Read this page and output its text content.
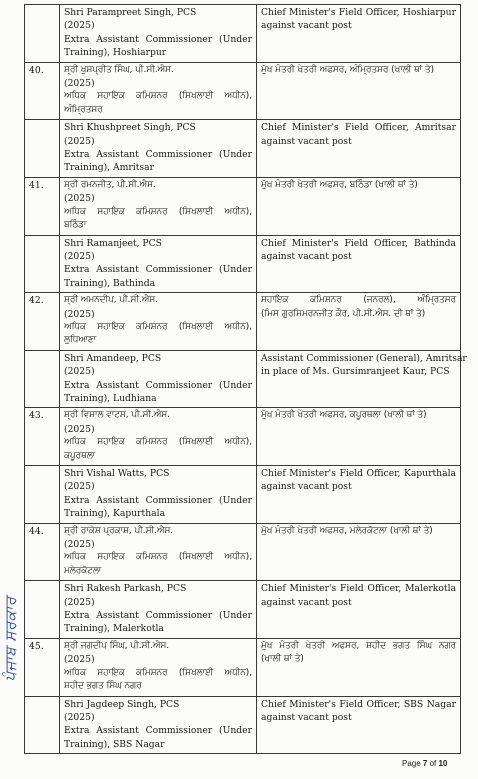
	Shri Parampreet Singh, PCS
(2025)
Extra Assistant Commissioner (Under
Training), Hoshiarpur	Chief Minister's Field Officer, Hoshiarpur
against vacant post

40.	ਸ਼੍ਰੀ ਖੁਸ਼ਪ੍ਰੀਤ ਸਿੰਘ, ਪੀ.ਸੀ.ਐਸ.
(2025)
ਅਧਿਕ ਸਹਾਇਕ ਕਮਿਸ਼ਨਰ (ਸਿਖਲਾਈ ਅਧੀਨ),
ਅੰਮ੍ਰਿਤਸਰ	ਮੁੱਖ ਮੰਤਰੀ ਖੇਤਰੀ ਅਫਸਰ, ਅੰਮ੍ਰਿਤਸਰ (ਖਾਲੀ ਥਾਂ ਤੇ)

	Shri Khushpreet Singh, PCS
(2025)
Extra Assistant Commissioner (Under
Training), Amritsar	Chief Minister's Field Officer, Amritsar
against vacant post

41.	ਸ਼੍ਰੀ ਰਮਨਜੀਤ, ਪੀ.ਸੀ.ਐਸ.
(2025)
ਅਧਿਕ ਸਹਾਇਕ ਕਮਿਸ਼ਨਰ (ਸਿਖਲਾਈ ਅਧੀਨ),
ਬਠਿੰਡਾ	ਮੁੱਖ ਮੰਤਰੀ ਖੇਤਰੀ ਅਫਸਰ, ਬਠਿੰਡਾ (ਖਾਲੀ ਥਾਂ ਤੇ)

	Shri Ramanjeet, PCS
(2025)
Extra Assistant Commissioner (Under
Training), Bathinda	Chief Minister's Field Officer, Bathinda
against vacant post

42.	ਸ਼੍ਰੀ ਅਮਨਦੀਪ, ਪੀ.ਸੀ.ਐਸ.
(2025)
ਅਧਿਕ ਸਹਾਇਕ ਕਮਿਸ਼ਨਰ (ਸਿਖਲਾਈ ਅਧੀਨ),
ਲੁਧਿਆਣਾ	ਸਹਾਇਕ ਕਮਿਸ਼ਨਰ (ਜਨਰਲ), ਅੰਮ੍ਰਿਤਸਰ
(ਮਿਸ ਗੁਰਸਿਮਰਨਜੀਤ ਕੌਰ, ਪੀ.ਸੀ.ਐਸ. ਦੀ ਥਾਂ ਤੇ)

	Shri Amandeep, PCS
(2025)
Extra Assistant Commissioner (Under
Training), Ludhiana	Assistant Commissioner (General), Amritsar
in place of Ms. Gursimranjeet Kaur, PCS

43.	ਸ਼੍ਰੀ ਵਿਸ਼ਾਲ ਵਾਟਸ, ਪੀ.ਸੀ.ਐਸ.
(2025)
ਅਧਿਕ ਸਹਾਇਕ ਕਮਿਸ਼ਨਰ (ਸਿਖਲਾਈ ਅਧੀਨ),
ਕਪੂਰਥਲਾ	ਮੁੱਖ ਮੰਤਰੀ ਖੇਤਰੀ ਅਫਸਰ, ਕਪੂਰਥਲਾ (ਖਾਲੀ ਥਾਂ ਤੇ)

	Shri Vishal Watts, PCS
(2025)
Extra Assistant Commissioner (Under
Training), Kapurthala	Chief Minister's Field Officer, Kapurthala
against vacant post

44.	ਸ਼੍ਰੀ ਰਾਕੇਸ਼ ਪ੍ਰਕਾਸ਼, ਪੀ.ਸੀ.ਐਸ.
(2025)
ਅਧਿਕ ਸਹਾਇਕ ਕਮਿਸ਼ਨਰ (ਸਿਖਲਾਈ ਅਧੀਨ),
ਮਲੇਰਕੋਟਲਾ	ਮੁੱਖ ਮੰਤਰੀ ਖੇਤਰੀ ਅਫਸਰ, ਮਲੇਰਕੋਟਲਾ (ਖਾਲੀ ਥਾਂ ਤੇ)

	Shri Rakesh Parkash, PCS
(2025)
Extra Assistant Commissioner (Under
Training), Malerkotla	Chief Minister's Field Officer, Malerkotla
against vacant post

45.	ਸ਼੍ਰੀ ਜਗਦੀਪ ਸਿੰਘ, ਪੀ.ਸੀ.ਐਸ.
(2025)
ਅਧਿਕ ਸਹਾਇਕ ਕਮਿਸ਼ਨਰ (ਸਿਖਲਾਈ ਅਧੀਨ),
ਸ਼ਹੀਦ ਭਗਤ ਸਿੰਘ ਨਗਰ	ਮੁੱਖ ਮੰਤਰੀ ਖੇਤਰੀ ਅਫਸਰ, ਸ਼ਹੀਦ ਭਗਤ ਸਿੰਘ ਨਗਰ
(ਖਾਲੀ ਥਾਂ ਤੇ)

	Shri Jagdeep Singh, PCS
(2025)
Extra Assistant Commissioner (Under
Training), SBS Nagar	Chief Minister's Field Officer, SBS Nagar
against vacant post
ਪੰਜਾਬ ਸਰਕਾਰ
Page 7 of 10
